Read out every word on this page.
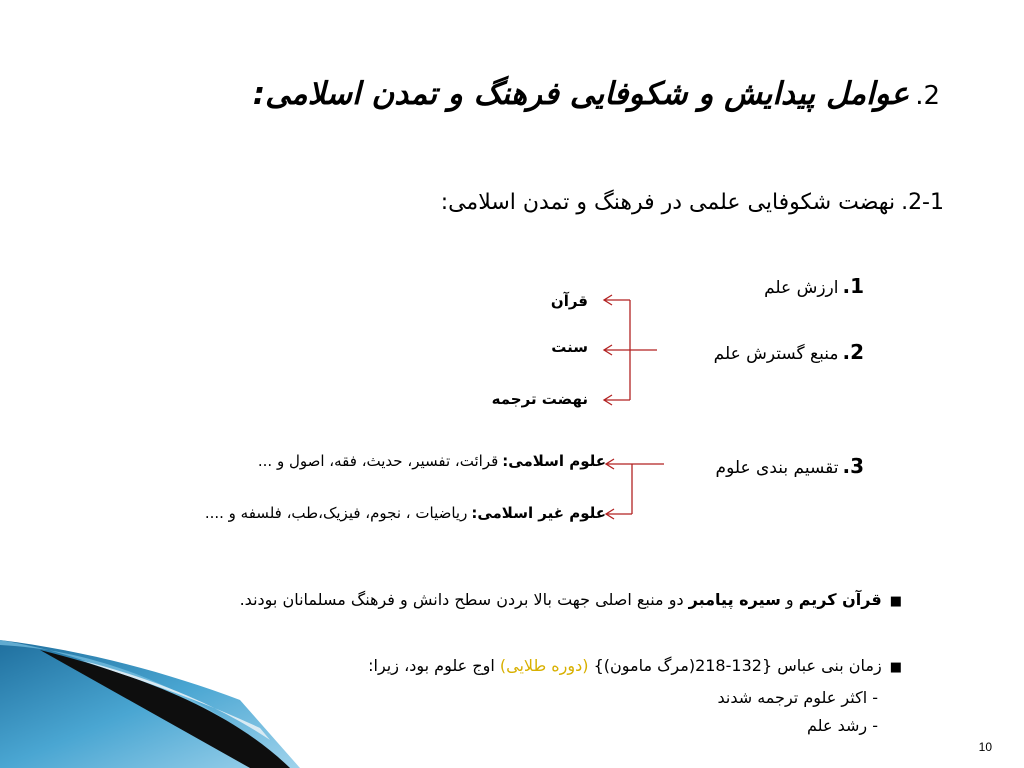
2.عوامل پیدایش و شکوفایی فرهنگ و تمدن اسلامی:
2-1.نهضت شکوفایی علمی در فرهنگ و تمدن اسلامی:
1.ارزش علم
2.منبع گسترش علم
3.تقسیم بندی علوم
قرآن
سنت
نهضت ترجمه
علوم اسلامی:قرائت، تفسیر، حدیث، فقه، اصول و ...
علوم غیر اسلامی:ریاضیات ، نجوم، فیزیک،طب، فلسفه و ....
■قرآن کریم و سیره پیامبر دو منبع اصلی جهت بالا بردن سطح دانش و فرهنگ مسلمانان بودند.
■زمان بنی عباس {132-218(مرگ مامون)} (دوره طلایی) اوج علوم بود، زیرا:
- اکثر علوم ترجمه شدند
- رشد علم
10
